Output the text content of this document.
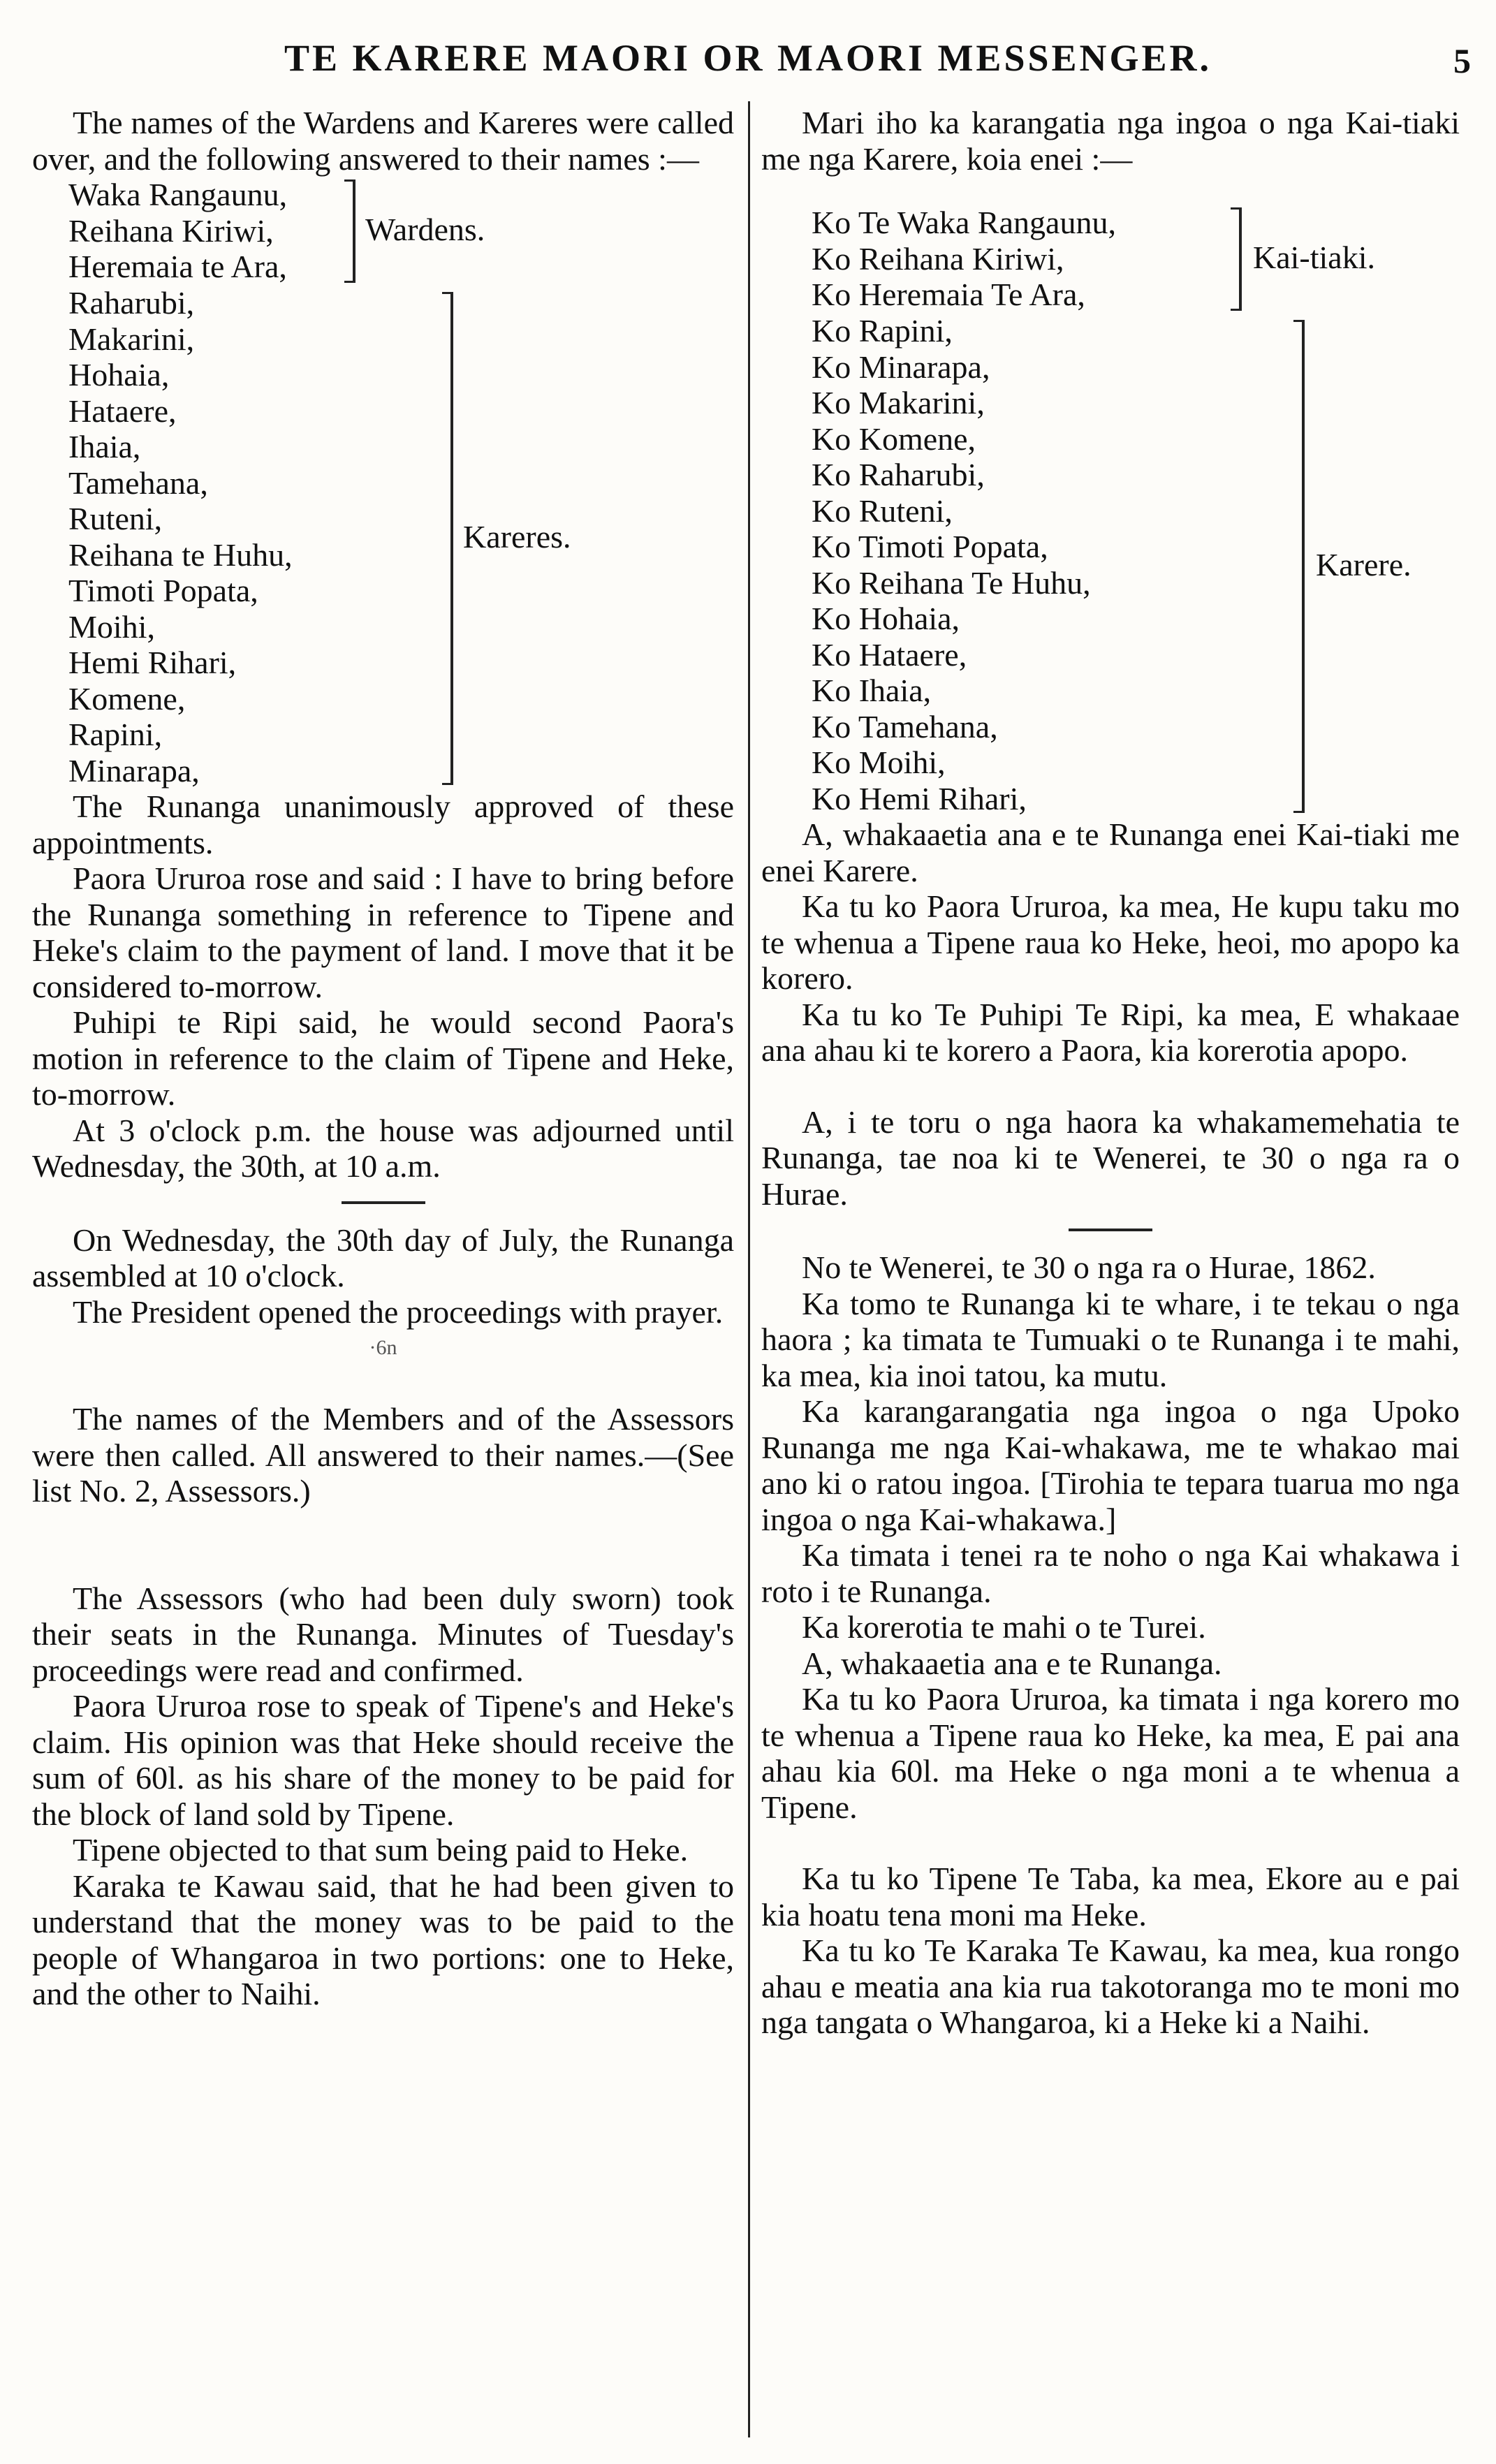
TE KARERE MAORI OR MAORI MESSENGER.	5

The names of the Wardens and Kareres were called over, and the following answered to their names :—

Waka Rangaunu,
Reihana Kiriwi,
Heremaia te Ara,
Wardens.
Raharubi,
Makarini,
Hohaia,
Hataere,
Ihaia,
Tamehana,
Ruteni,
Reihana te Huhu,
Timoti Popata,
Moihi,
Hemi Rihari,
Komene,
Rapini,
Minarapa,
Kareres.

The Runanga unanimously approved of these appointments.

Paora Ururoa rose and said : I have to bring before the Runanga something in reference to Tipene and Heke's claim to the payment of land. I move that it be considered to-morrow.

Puhipi te Ripi said, he would second Paora's motion in reference to the claim of Tipene and Heke, to-morrow.

At 3 o'clock p.m. the house was adjourned until Wednesday, the 30th, at 10 a.m.

On Wednesday, the 30th day of July, the Runanga assembled at 10 o'clock.

The President opened the proceedings with prayer.

·6n

The names of the Members and of the Assessors were then called. All answered to their names.—(See list No. 2, Assessors.)

The Assessors (who had been duly sworn) took their seats in the Runanga. Minutes of Tuesday's proceedings were read and confirmed.

Paora Ururoa rose to speak of Tipene's and Heke's claim. His opinion was that Heke should receive the sum of 60l. as his share of the money to be paid for the block of land sold by Tipene.

Tipene objected to that sum being paid to Heke.

Karaka te Kawau said, that he had been given to understand that the money was to be paid to the people of Whangaroa in two portions: one to Heke, and the other to Naihi.

Mari iho ka karangatia nga ingoa o nga Kai-tiaki me nga Karere, koia enei :—

Ko Te Waka Rangaunu,
Ko Reihana Kiriwi,
Ko Heremaia Te Ara,
Kai-tiaki.
Ko Rapini,
Ko Minarapa,
Ko Makarini,
Ko Komene,
Ko Raharubi,
Ko Ruteni,
Ko Timoti Popata,
Ko Reihana Te Huhu,
Ko Hohaia,
Ko Hataere,
Ko Ihaia,
Ko Tamehana,
Ko Moihi,
Ko Hemi Rihari,
Karere.

A, whakaaetia ana e te Runanga enei Kai-tiaki me enei Karere.

Ka tu ko Paora Ururoa, ka mea, He kupu taku mo te whenua a Tipene raua ko Heke, heoi, mo apopo ka korero.

Ka tu ko Te Puhipi Te Ripi, ka mea, E whakaae ana ahau ki te korero a Paora, kia korerotia apopo.

A, i te toru o nga haora ka whakamemehatia te Runanga, tae noa ki te Wenerei, te 30 o nga ra o Hurae.

No te Wenerei, te 30 o nga ra o Hurae, 1862.

Ka tomo te Runanga ki te whare, i te tekau o nga haora ; ka timata te Tumuaki o te Runanga i te mahi, ka mea, kia inoi tatou, ka mutu.

Ka karangarangatia nga ingoa o nga Upoko Runanga me nga Kai-whakawa, me te whakao mai ano ki o ratou ingoa. [Tirohia te tepara tuarua mo nga ingoa o nga Kai-whakawa.]

Ka timata i tenei ra te noho o nga Kai whakawa i roto i te Runanga.

Ka korerotia te mahi o te Turei.

A, whakaaetia ana e te Runanga.

Ka tu ko Paora Ururoa, ka timata i nga korero mo te whenua a Tipene raua ko Heke, ka mea, E pai ana ahau kia 60l. ma Heke o nga moni a te whenua a Tipene.

Ka tu ko Tipene Te Taba, ka mea, Ekore au e pai kia hoatu tena moni ma Heke.

Ka tu ko Te Karaka Te Kawau, ka mea, kua rongo ahau e meatia ana kia rua takotoranga mo te moni mo nga tangata o Whangaroa, ki a Heke ki a Naihi.
